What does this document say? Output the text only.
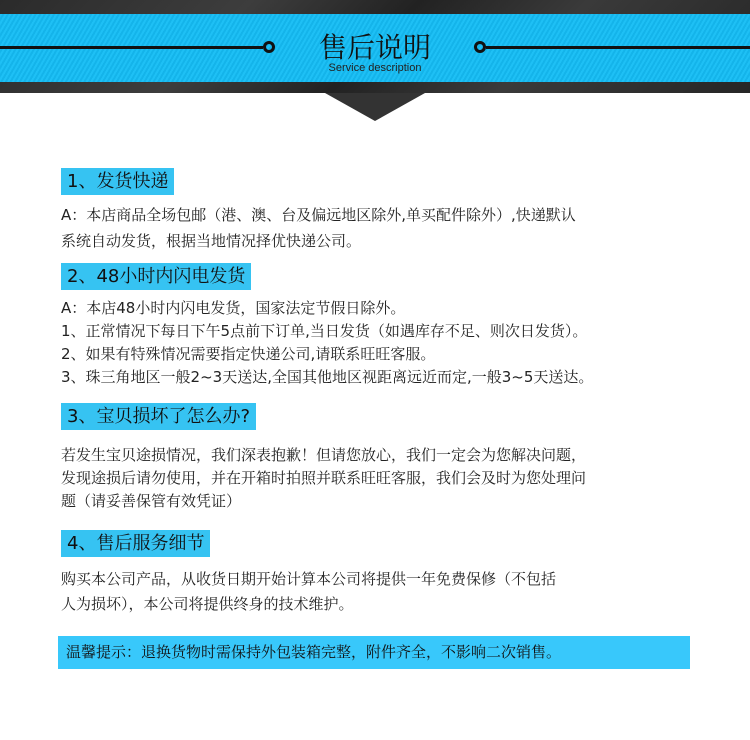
售后说明
Service description
1、发货快递
A：本店商品全场包邮（港、澳、台及偏远地区除外,单买配件除外）,快递默认
系统自动发货，根据当地情况择优快递公司。
2、48小时内闪电发货
A：本店48小时内闪电发货，国家法定节假日除外。
1、正常情况下每日下午5点前下订单,当日发货（如遇库存不足、则次日发货）。
2、如果有特殊情况需要指定快递公司,请联系旺旺客服。
3、珠三角地区一般2~3天送达,全国其他地区视距离远近而定,一般3~5天送达。
3、宝贝损坏了怎么办?
若发生宝贝途损情况，我们深表抱歉！但请您放心，我们一定会为您解决问题，
发现途损后请勿使用，并在开箱时拍照并联系旺旺客服，我们会及时为您处理问
题（请妥善保管有效凭证）
4、售后服务细节
购买本公司产品，从收货日期开始计算本公司将提供一年免费保修（不包括
人为损坏），本公司将提供终身的技术维护。
温馨提示：退换货物时需保持外包装箱完整，附件齐全，不影响二次销售。
